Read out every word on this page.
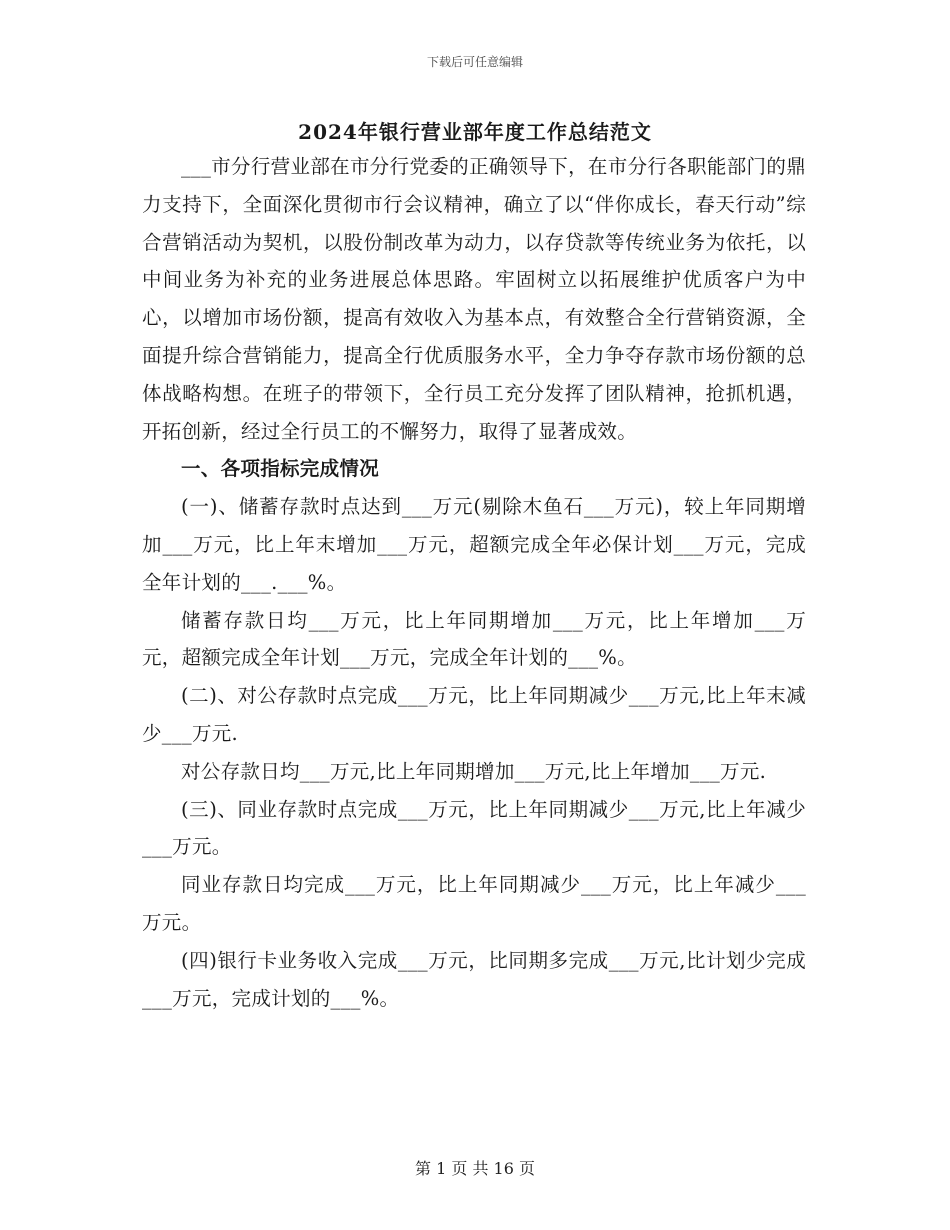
下载后可任意编辑
2024年银行营业部年度工作总结范文

___市分行营业部在市分行党委的正确领导下，在市分行各职能部门的鼎力支持下，全面深化贯彻市行会议精神，确立了以“伴你成长，春天行动”综合营销活动为契机，以股份制改革为动力，以存贷款等传统业务为依托，以中间业务为补充的业务进展总体思路。牢固树立以拓展维护优质客户为中心，以增加市场份额，提高有效收入为基本点，有效整合全行营销资源，全面提升综合营销能力，提高全行优质服务水平，全力争夺存款市场份额的总体战略构想。在班子的带领下，全行员工充分发挥了团队精神，抢抓机遇，开拓创新，经过全行员工的不懈努力，取得了显著成效。

一、各项指标完成情况

(一)、储蓄存款时点达到___万元(剔除木鱼石___万元)，较上年同期增加___万元，比上年末增加___万元，超额完成全年必保计划___万元，完成全年计划的___.___%。

储蓄存款日均___万元，比上年同期增加___万元，比上年增加___万元，超额完成全年计划___万元，完成全年计划的___%。

(二)、对公存款时点完成___万元，比上年同期减少___万元,比上年末减少___万元.

对公存款日均___万元,比上年同期增加___万元,比上年增加___万元.

(三)、同业存款时点完成___万元，比上年同期减少___万元,比上年减少___万元。

同业存款日均完成___万元，比上年同期减少___万元，比上年减少___万元。

(四)银行卡业务收入完成___万元，比同期多完成___万元,比计划少完成___万元，完成计划的___%。

第 1 页 共 16 页
